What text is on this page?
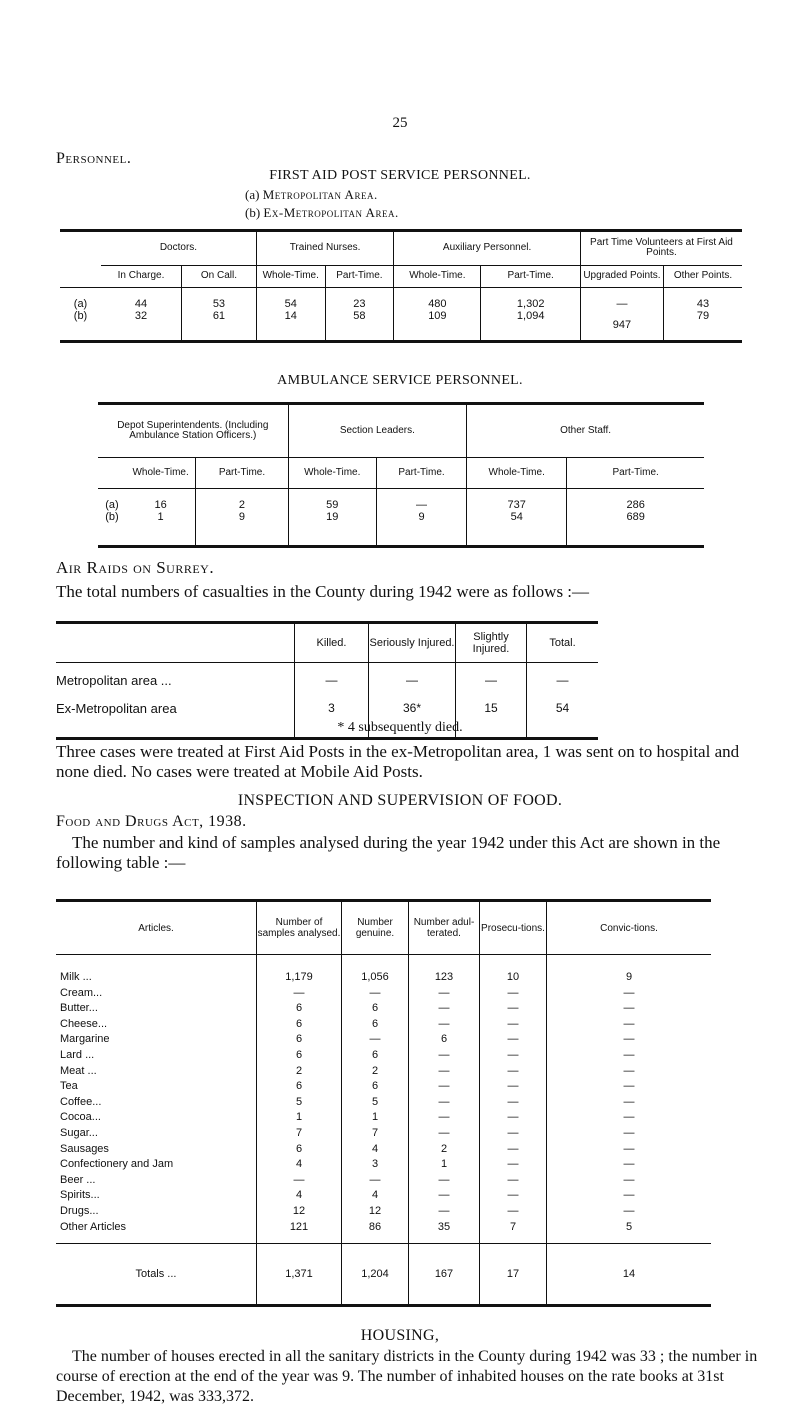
25
Personnel.
FIRST AID POST SERVICE PERSONNEL.
(a) Metropolitan Area.
(b) Ex-Metropolitan Area.
	Doctors.		Trained Nurses.		Auxiliary Personnel.		Part Time Volunteers at First Aid Points.	
	In Charge.	On Call.	Whole-Time.	Part-Time.	Whole-Time.	Part-Time.	Upgraded Points.	Other Points.
(a)	44	53	54	23	480	1,302	—	43
(b)	32	61	14	58	109	1,094	947	79
AMBULANCE SERVICE PERSONNEL.
Depot Superintendents. (Including Ambulance Station Officers.)			Section Leaders.		Other Staff.	
	Whole-Time.	Part-Time.	Whole-Time.	Part-Time.	Whole-Time.	Part-Time.
(a)	16	2	59	—	737	286
(b)	1	9	19	9	54	689
Air Raids on Surrey.
The total numbers of casualties in the County during 1942 were as follows :—
	Killed.	Seriously Injured.	Slightly Injured.	Total.
Metropolitan area ...	—	—	—	—
Ex-Metropolitan area	3	36*	15	54
* 4 subsequently died.
Three cases were treated at First Aid Posts in the ex-Metropolitan area, 1 was sent on to hospital and none died. No cases were treated at Mobile Aid Posts.
INSPECTION AND SUPERVISION OF FOOD.
Food and Drugs Act, 1938.
The number and kind of samples analysed during the year 1942 under this Act are shown in the following table :—
Articles.	Number of samples analysed.	Number genuine.	Number adul-terated.	Prosecu-tions.	Convic-tions.
Milk ...	1,179	1,056	123	10	9
Cream...	—	—	—	—	—
Butter...	6	6	—	—	—
Cheese...	6	6	—	—	—
Margarine	6	—	6	—	—
Lard ...	6	6	—	—	—
Meat ...	2	2	—	—	—
Tea	6	6	—	—	—
Coffee...	5	5	—	—	—
Cocoa...	1	1	—	—	—
Sugar...	7	7	—	—	—
Sausages	6	4	2	—	—
Confectionery and Jam	4	3	1	—	—
Beer ...	—	—	—	—	—
Spirits...	4	4	—	—	—
Drugs...	12	12	—	—	—
Other Articles	121	86	35	7	5

Totals ...	1,371	1,204	167	17	14
HOUSING,
The number of houses erected in all the sanitary districts in the County during 1942 was 33 ; the number in course of erection at the end of the year was 9. The number of inhabited houses on the rate books at 31st December, 1942, was 333,372.
